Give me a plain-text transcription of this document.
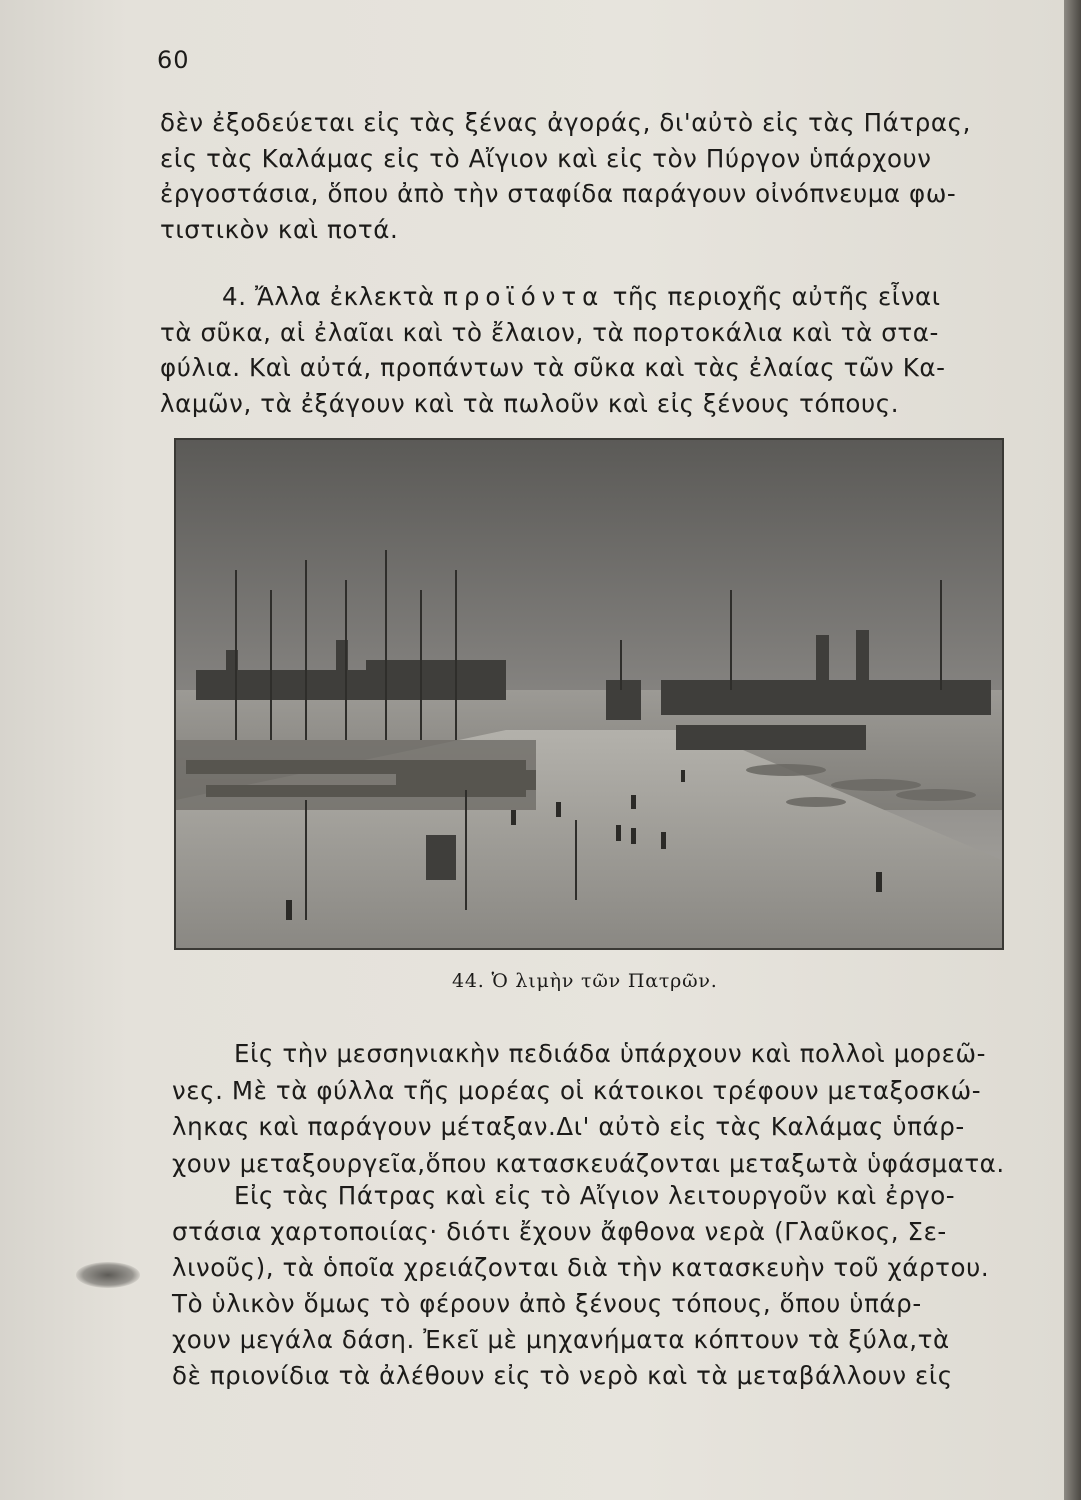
60
δὲν ἐξοδεύεται εἰς τὰς ξένας ἀγοράς, δι'αὐτὸ εἰς τὰς Πάτρας,
εἰς τὰς Καλάμας εἰς τὸ Αἴγιον καὶ εἰς τὸν Πύργον ὑπάρχουν
ἐργοστάσια, ὅπου ἀπὸ τὴν σταφίδα παράγουν οἰνόπνευμα φω-
τιστικὸν καὶ ποτά.
4. Ἄλλα ἐκλεκτὰ προϊόντα τῆς περιοχῆς αὐτῆς εἶναι
τὰ σῦκα, αἱ ἐλαῖαι καὶ τὸ ἔλαιον, τὰ πορτοκάλια καὶ τὰ στα-
φύλια. Καὶ αὐτά, προπάντων τὰ σῦκα καὶ τὰς ἐλαίας τῶν Κα-
λαμῶν, τὰ ἐξάγουν καὶ τὰ πωλοῦν καὶ εἰς ξένους τόπους.
44. Ὁ λιμὴν τῶν Πατρῶν.
Εἰς τὴν μεσσηνιακὴν πεδιάδα ὑπάρχουν καὶ πολλοὶ μορεῶ-
νες. Μὲ τὰ φύλλα τῆς μορέας οἱ κάτοικοι τρέφουν μεταξοσκώ-
ληκας καὶ παράγουν μέταξαν.Δι' αὐτὸ εἰς τὰς Καλάμας ὑπάρ-
χουν μεταξουργεῖα,ὅπου κατασκευάζονται μεταξωτὰ ὑφάσματα.
Εἰς τὰς Πάτρας καὶ εἰς τὸ Αἴγιον λειτουργοῦν καὶ ἐργο-
στάσια χαρτοποιίας· διότι ἔχουν ἄφθονα νερὰ (Γλαῦκος, Σε-
λινοῦς), τὰ ὁποῖα χρειάζονται διὰ τὴν κατασκευὴν τοῦ χάρτου.
Τὸ ὑλικὸν ὅμως τὸ φέρουν ἀπὸ ξένους τόπους, ὅπου ὑπάρ-
χουν μεγάλα δάση. Ἐκεῖ μὲ μηχανήματα κόπτουν τὰ ξύλα,τὰ
δὲ πριονίδια τὰ ἀλέθουν εἰς τὸ νερὸ καὶ τὰ μεταβάλλουν εἰς
